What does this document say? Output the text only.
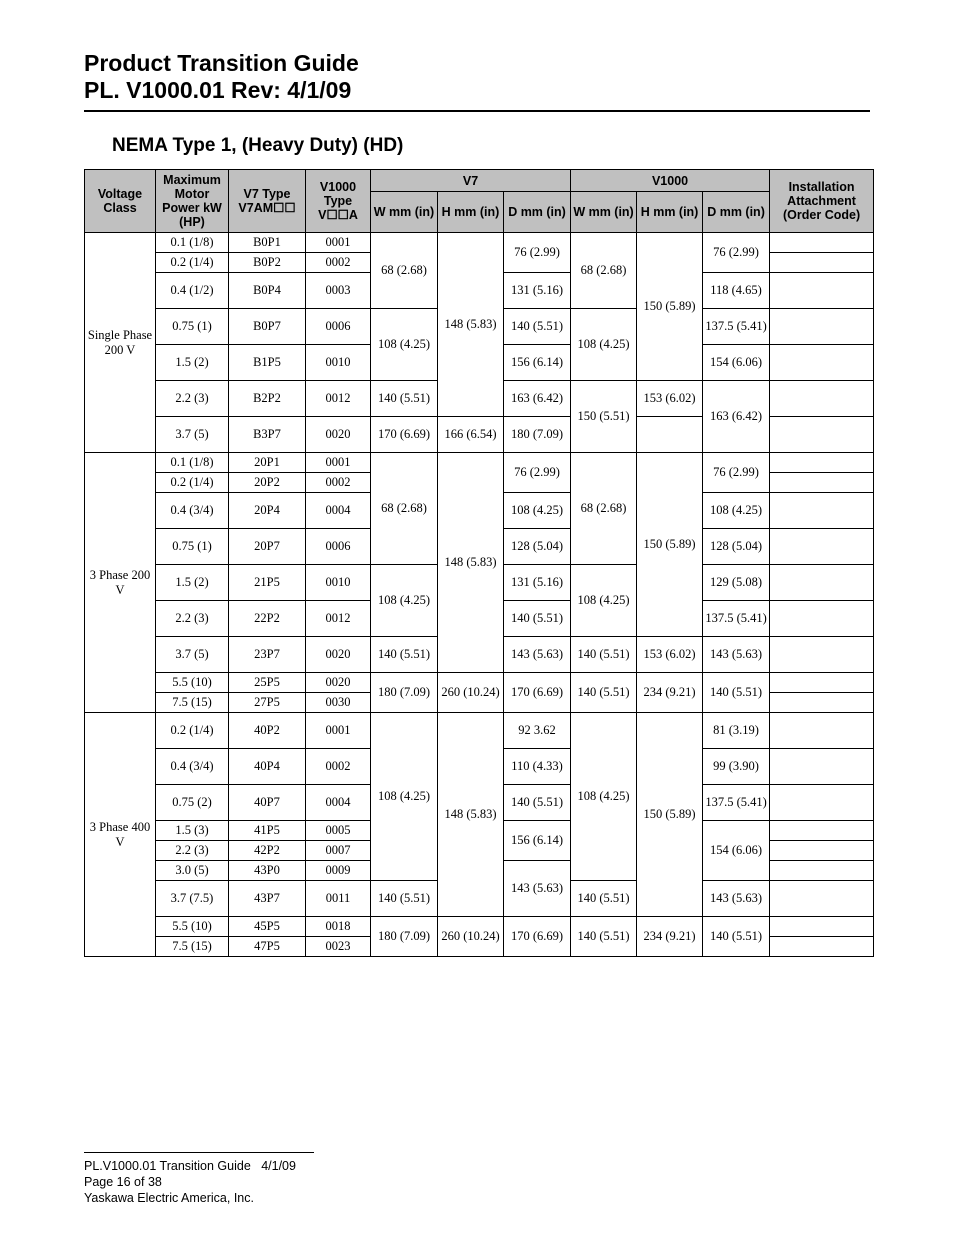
Product Transition Guide
PL. V1000.01 Rev: 4/1/09
NEMA Type 1, (Heavy Duty) (HD)
Voltage Class	Maximum Motor Power kW (HP)	V7 Type V7AM☐☐	V1000 Type V☐☐A	V7			V1000			Installation Attachment (Order Code)
				W mm (in)	H mm (in)	D mm (in)	W mm (in)	H mm (in)	D mm (in)	
Single Phase 200 V	0.1 (1/8)	B0P1	0001	68 (2.68)	148 (5.83)	76 (2.99)	68 (2.68)	150 (5.89)	76 (2.99)	
	0.2 (1/4)	B0P2	0002							
	0.4 (1/2)	B0P4	0003			131 (5.16)			118 (4.65)	
	0.75 (1)	B0P7	0006	108 (4.25)		140 (5.51)	108 (4.25)		137.5 (5.41)	
	1.5 (2)	B1P5	0010			156 (6.14)			154 (6.06)	
	2.2 (3)	B2P2	0012	140 (5.51)		163 (6.42)	150 (5.51)	153 (6.02)	163 (6.42)	
	3.7 (5)	B3P7	0020	170 (6.69)	166 (6.54)	180 (7.09)				
3 Phase 200 V	0.1 (1/8)	20P1	0001	68 (2.68)	148 (5.83)	76 (2.99)	68 (2.68)	150 (5.89)	76 (2.99)	
	0.2 (1/4)	20P2	0002							
	0.4 (3/4)	20P4	0004			108 (4.25)			108 (4.25)	
	0.75 (1)	20P7	0006			128 (5.04)			128 (5.04)	
	1.5 (2)	21P5	0010	108 (4.25)		131 (5.16)	108 (4.25)		129 (5.08)	
	2.2 (3)	22P2	0012			140 (5.51)			137.5 (5.41)	
	3.7 (5)	23P7	0020	140 (5.51)		143 (5.63)	140 (5.51)	153 (6.02)	143 (5.63)	
	5.5 (10)	25P5	0020	180 (7.09)	260 (10.24)	170 (6.69)	140 (5.51)	234 (9.21)	140 (5.51)	
	7.5 (15)	27P5	0030							
3 Phase 400 V	0.2 (1/4)	40P2	0001	108 (4.25)	148 (5.83)	92 3.62	108 (4.25)	150 (5.89)	81 (3.19)	
	0.4 (3/4)	40P4	0002			110 (4.33)			99 (3.90)	
	0.75 (2)	40P7	0004			140 (5.51)			137.5 (5.41)	
	1.5 (3)	41P5	0005			156 (6.14)			154 (6.06)	
	2.2 (3)	42P2	0007							
	3.0 (5)	43P0	0009			143 (5.63)				
	3.7 (7.5)	43P7	0011	140 (5.51)			140 (5.51)		143 (5.63)	
	5.5 (10)	45P5	0018	180 (7.09)	260 (10.24)	170 (6.69)	140 (5.51)	234 (9.21)	140 (5.51)	
	7.5 (15)	47P5	0023							
PL.V1000.01 Transition Guide   4/1/09
Page 16 of 38
Yaskawa Electric America, Inc.
